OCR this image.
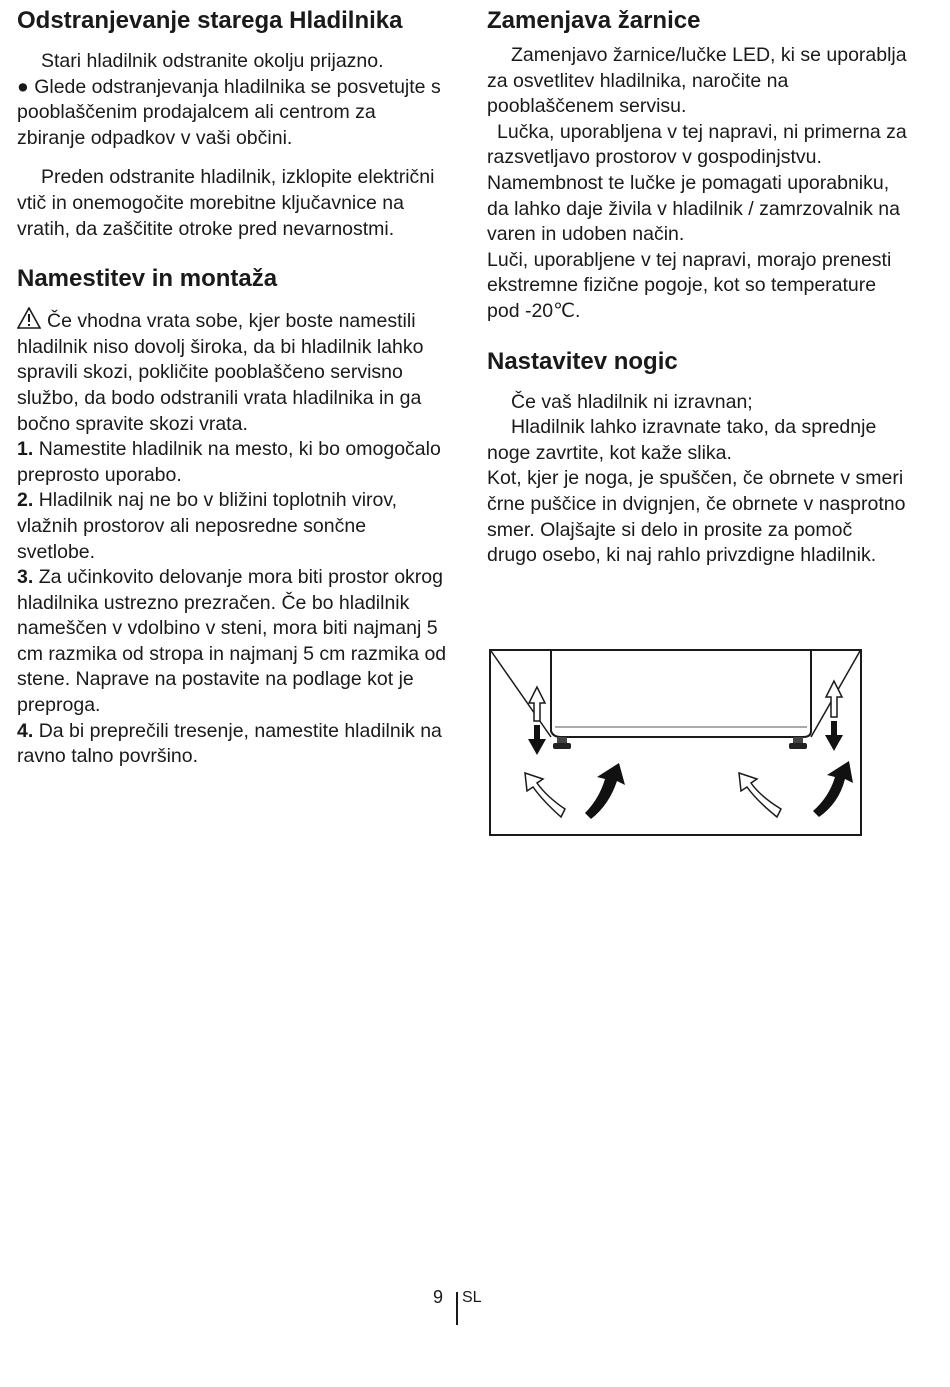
Odstranjevanje starega Hladilnika

Stari hladilnik odstranite okolju prijazno.

● Glede odstranjevanja hladilnika se posvetujte s pooblaščenim prodajalcem ali centrom za zbiranje odpadkov v vaši občini.

Preden odstranite hladilnik, izklopite električni vtič in onemogočite morebitne ključavnice na vratih, da zaščitite otroke pred nevarnostmi.

Namestitev in montaža

Če vhodna vrata sobe, kjer boste namestili hladilnik niso dovolj široka, da bi hladilnik lahko spravili skozi, pokličite pooblaščeno servisno službo, da bodo odstranili vrata hladilnika in ga bočno spravite skozi vrata.

1. Namestite hladilnik na mesto, ki bo omogočalo preprosto uporabo.

2. Hladilnik naj ne bo v bližini toplotnih virov, vlažnih prostorov ali neposredne sončne svetlobe.

3. Za učinkovito delovanje mora biti prostor okrog hladilnika ustrezno prezračen. Če bo hladilnik nameščen v vdolbino v steni, mora biti najmanj 5 cm razmika od stropa in najmanj 5 cm razmika od stene. Naprave na postavite na podlage kot je preproga.

4. Da bi preprečili tresenje, namestite hladilnik na ravno talno površino.

Zamenjava žarnice

Zamenjavo žarnice/lučke LED, ki se uporablja za osvetlitev hladilnika, naročite na pooblaščenem servisu.

Lučka, uporabljena v tej napravi, ni primerna za razsvetljavo prostorov v gospodinjstvu. Namembnost te lučke je pomagati uporabniku, da lahko daje živila v hladilnik / zamrzovalnik na varen in udoben način.

Luči, uporabljene v tej napravi, morajo prenesti ekstremne fizične pogoje, kot so temperature pod -20℃.

Nastavitev nogic

Če vaš hladilnik ni izravnan;

Hladilnik lahko izravnate tako, da sprednje noge zavrtite, kot kaže slika.

Kot, kjer je noga, je spuščen, če obrnete v smeri črne puščice in dvignjen, če obrnete v nasprotno smer. Olajšajte si delo in prosite za pomoč drugo osebo, ki naj rahlo privzdigne hladilnik.

9 SL
